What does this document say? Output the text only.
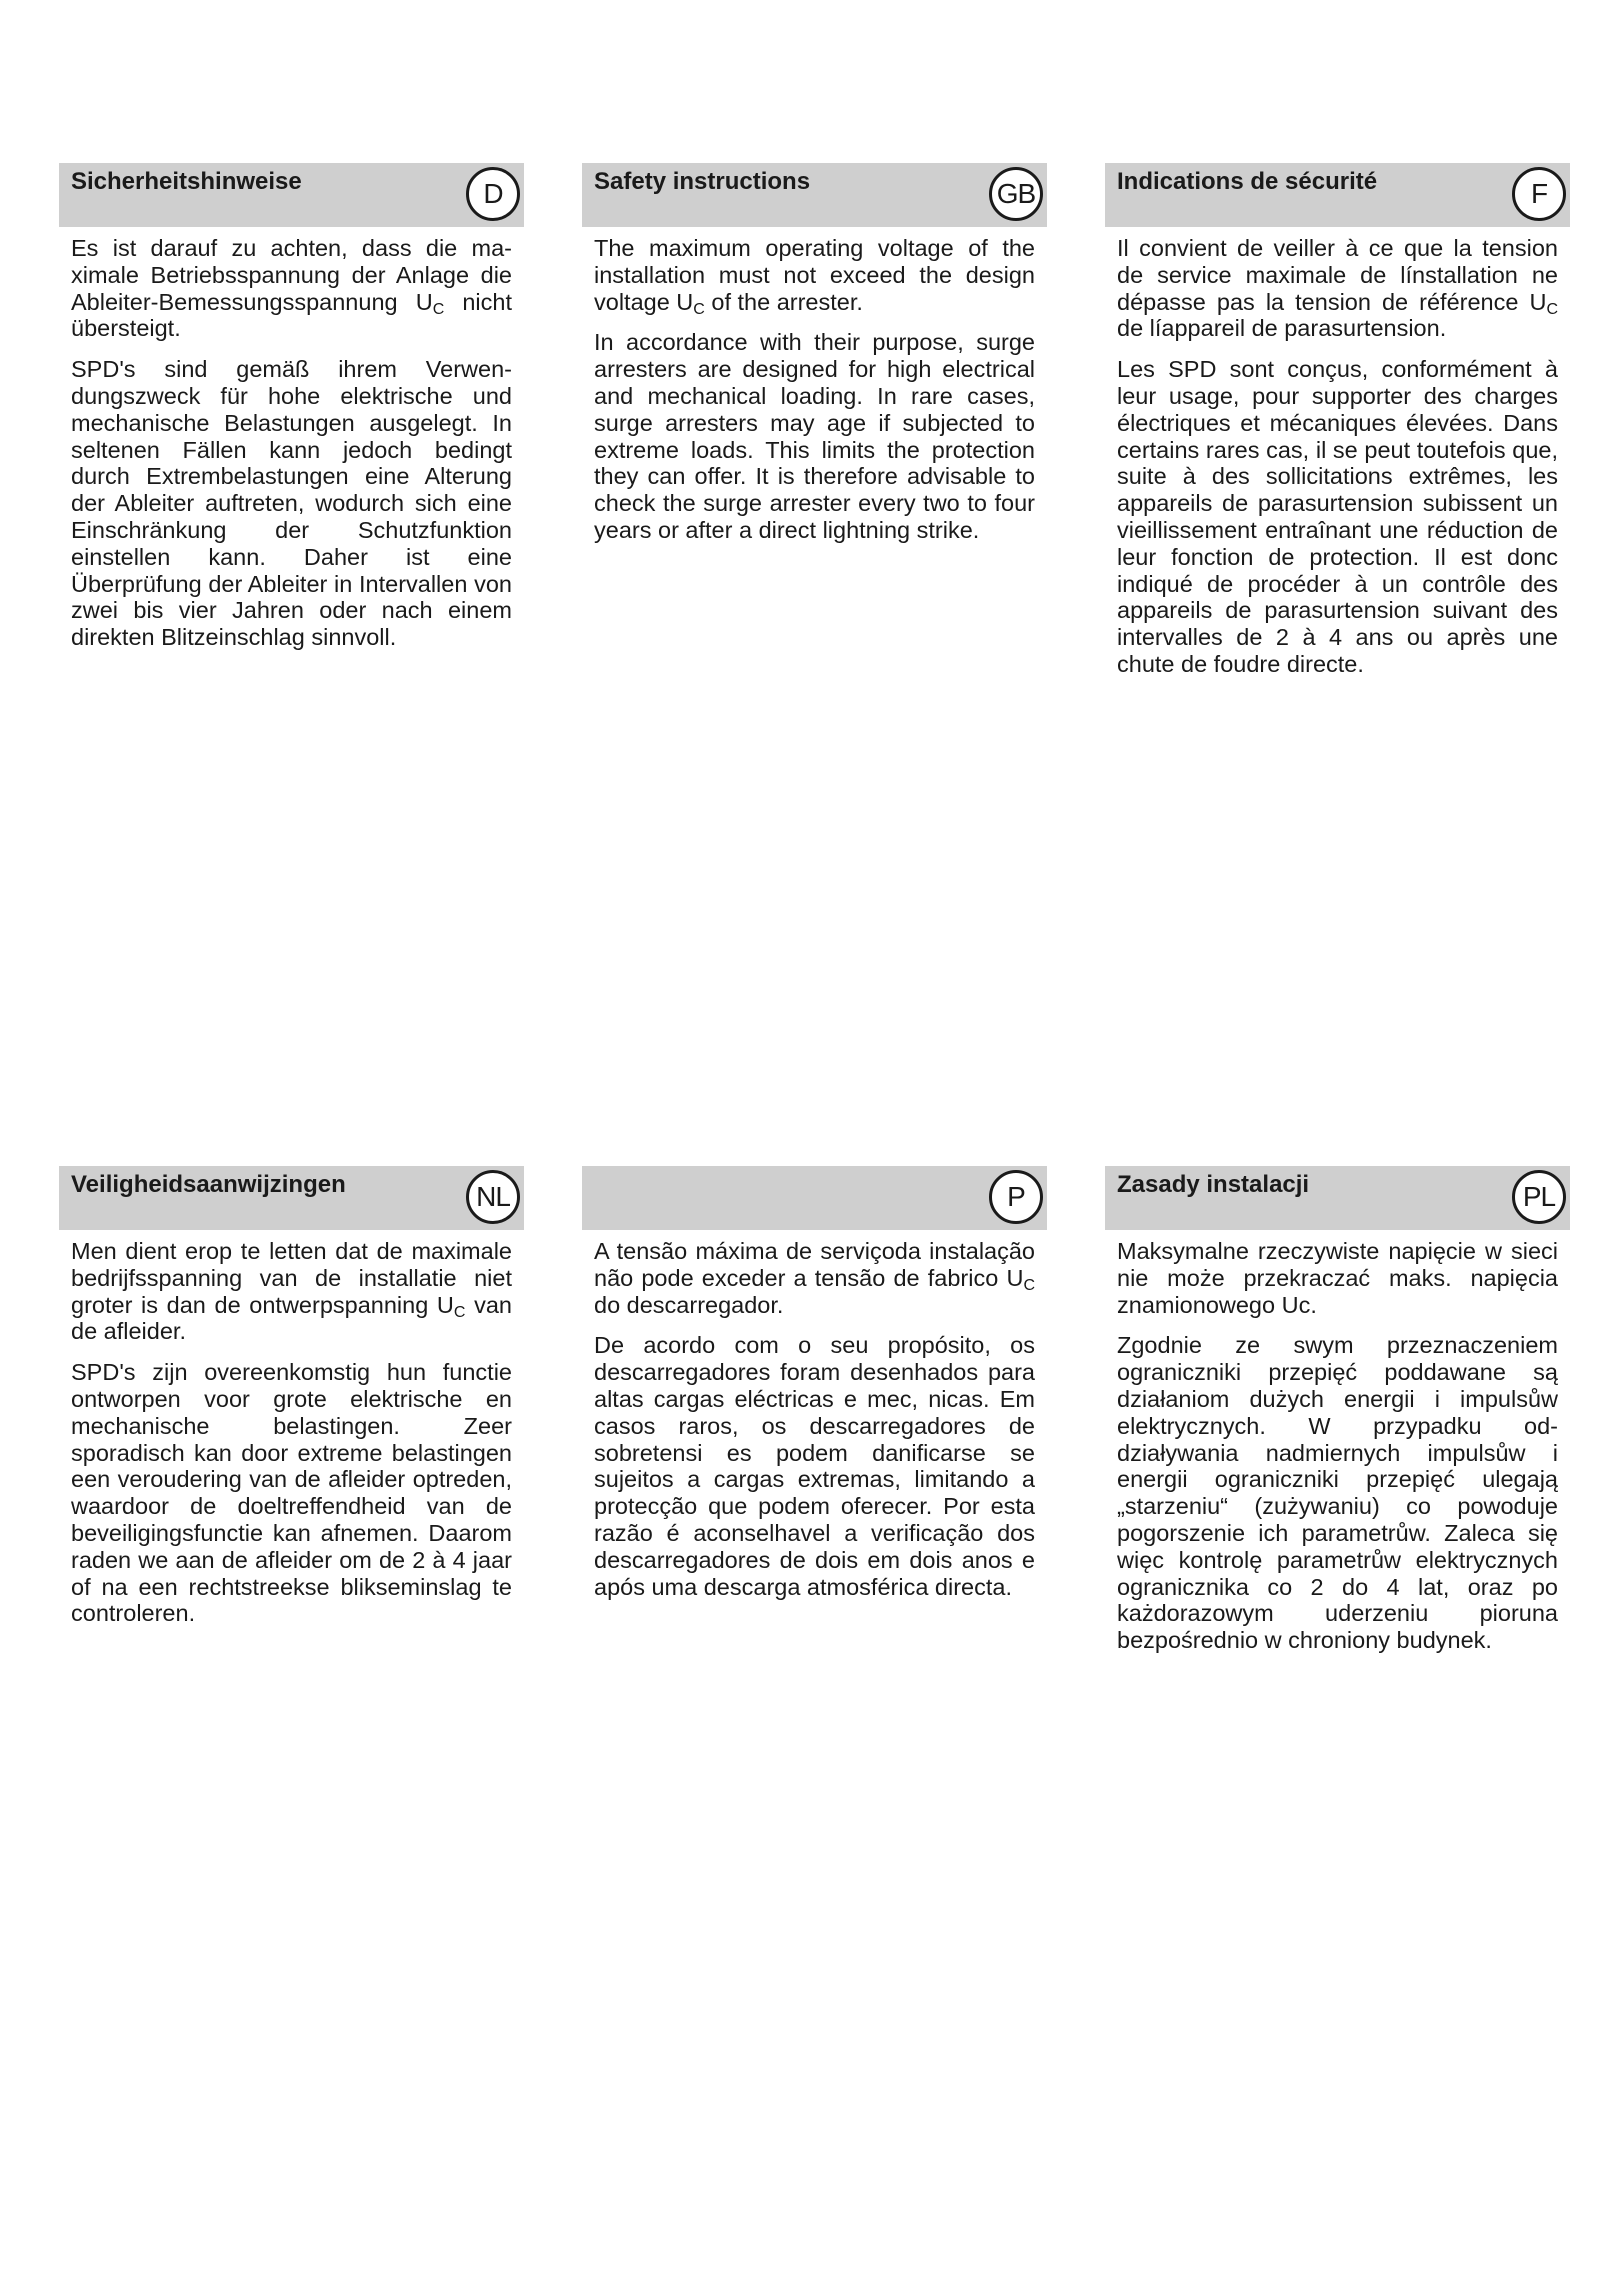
Sicherheitshinweise	D

Es ist darauf zu achten, dass die maximale Betriebsspannung der Anlage die Ableiter-Bemessungsspannung $U_C$ nicht übersteigt.

SPD's sind gemäß ihrem Verwendungszweck für hohe elektrische und mechanische Belastungen ausgelegt. In seltenen Fällen kann jedoch bedingt durch Extrembelastungen eine Alterung der Ableiter auftreten, wodurch sich eine Einschränkung der Schutzfunktion einstellen kann. Daher ist eine Überprüfung der Ableiter in Intervallen von zwei bis vier Jahren oder nach einem direkten Blitzeinschlag sinnvoll.

Safety instructions	GB

The maximum operating voltage of the installation must not exceed the design voltage $U_C$ of the arrester.

In accordance with their purpose, surge arresters are designed for high electrical and mechanical loading. In rare cases, surge arresters may age if subjected to extreme loads. This limits the protection they can offer. It is therefore advisable to check the surge arrester every two to four years or after a direct lightning strike.

Indications de sécurité	F

Il convient de veiller à ce que la tension de service maximale de línstallation ne dépasse pas la tension de référence $U_C$ de líappareil de parasurtension.

Les SPD sont conçus, conformément à leur usage, pour supporter des charges électriques et mécaniques élevées. Dans certains rares cas, il se peut toutefois que, suite à des sollicitations extrêmes, les appareils de parasurtension subissent un vieillissement entraînant une réduction de leur fonction de protection. Il est donc indiqué de procéder à un contrôle des appareils de parasurtension suivant des intervalles de 2 à 4 ans ou après une chute de foudre directe.

Veiligheidsaanwijzingen	NL

Men dient erop te letten dat de maximale bedrijfsspanning van de installatie niet groter is dan de ontwerpspanning $U_C$ van de afleider.

SPD's zijn overeenkomstig hun functie ontworpen voor grote elektrische en mechanische belastingen. Zeer sporadisch kan door extreme belastingen een veroudering van de afleider optreden, waardoor de doeltreffendheid van de beveiligingsfunctie kan afnemen. Daarom raden we aan de afleider om de 2 à 4 jaar of na een rechtstreekse blikseminslag te controleren.

P

A tensão máxima de serviçoda instalação não pode exceder a tensão de fabrico $U_C$ do descarregador.

De acordo com o seu propósito, os descarregadores foram desenhados para altas cargas eléctricas e mec, nicas. Em casos raros, os descarregadores de sobretensi es podem danificarse se sujeitos a cargas extremas, limitando a protecção que podem oferecer. Por esta razão é aconselhavel a verificação dos descarregadores de dois em dois anos e após uma descarga atmosférica directa.

Zasady instalacji	PL

Maksymalne rzeczywiste napięcie w sieci nie może przekraczać maks. napięcia znamionowego Uc.

Zgodnie ze swym przeznaczeniem ograniczniki przepięć poddawane są działaniom dużych energii i impulsůw elektrycznych. W przypadku oddziaływania nadmiernych impulsůw i energii ograniczniki przepięć ulegają „starzeniu“ (zużywaniu) co powoduje pogorszenie ich parametrůw. Zaleca się więc kontrolę parametrůw elektrycznych ogranicznika co 2 do 4 lat, oraz po każdorazowym uderzeniu pioruna bezpośrednio w chroniony budynek.
